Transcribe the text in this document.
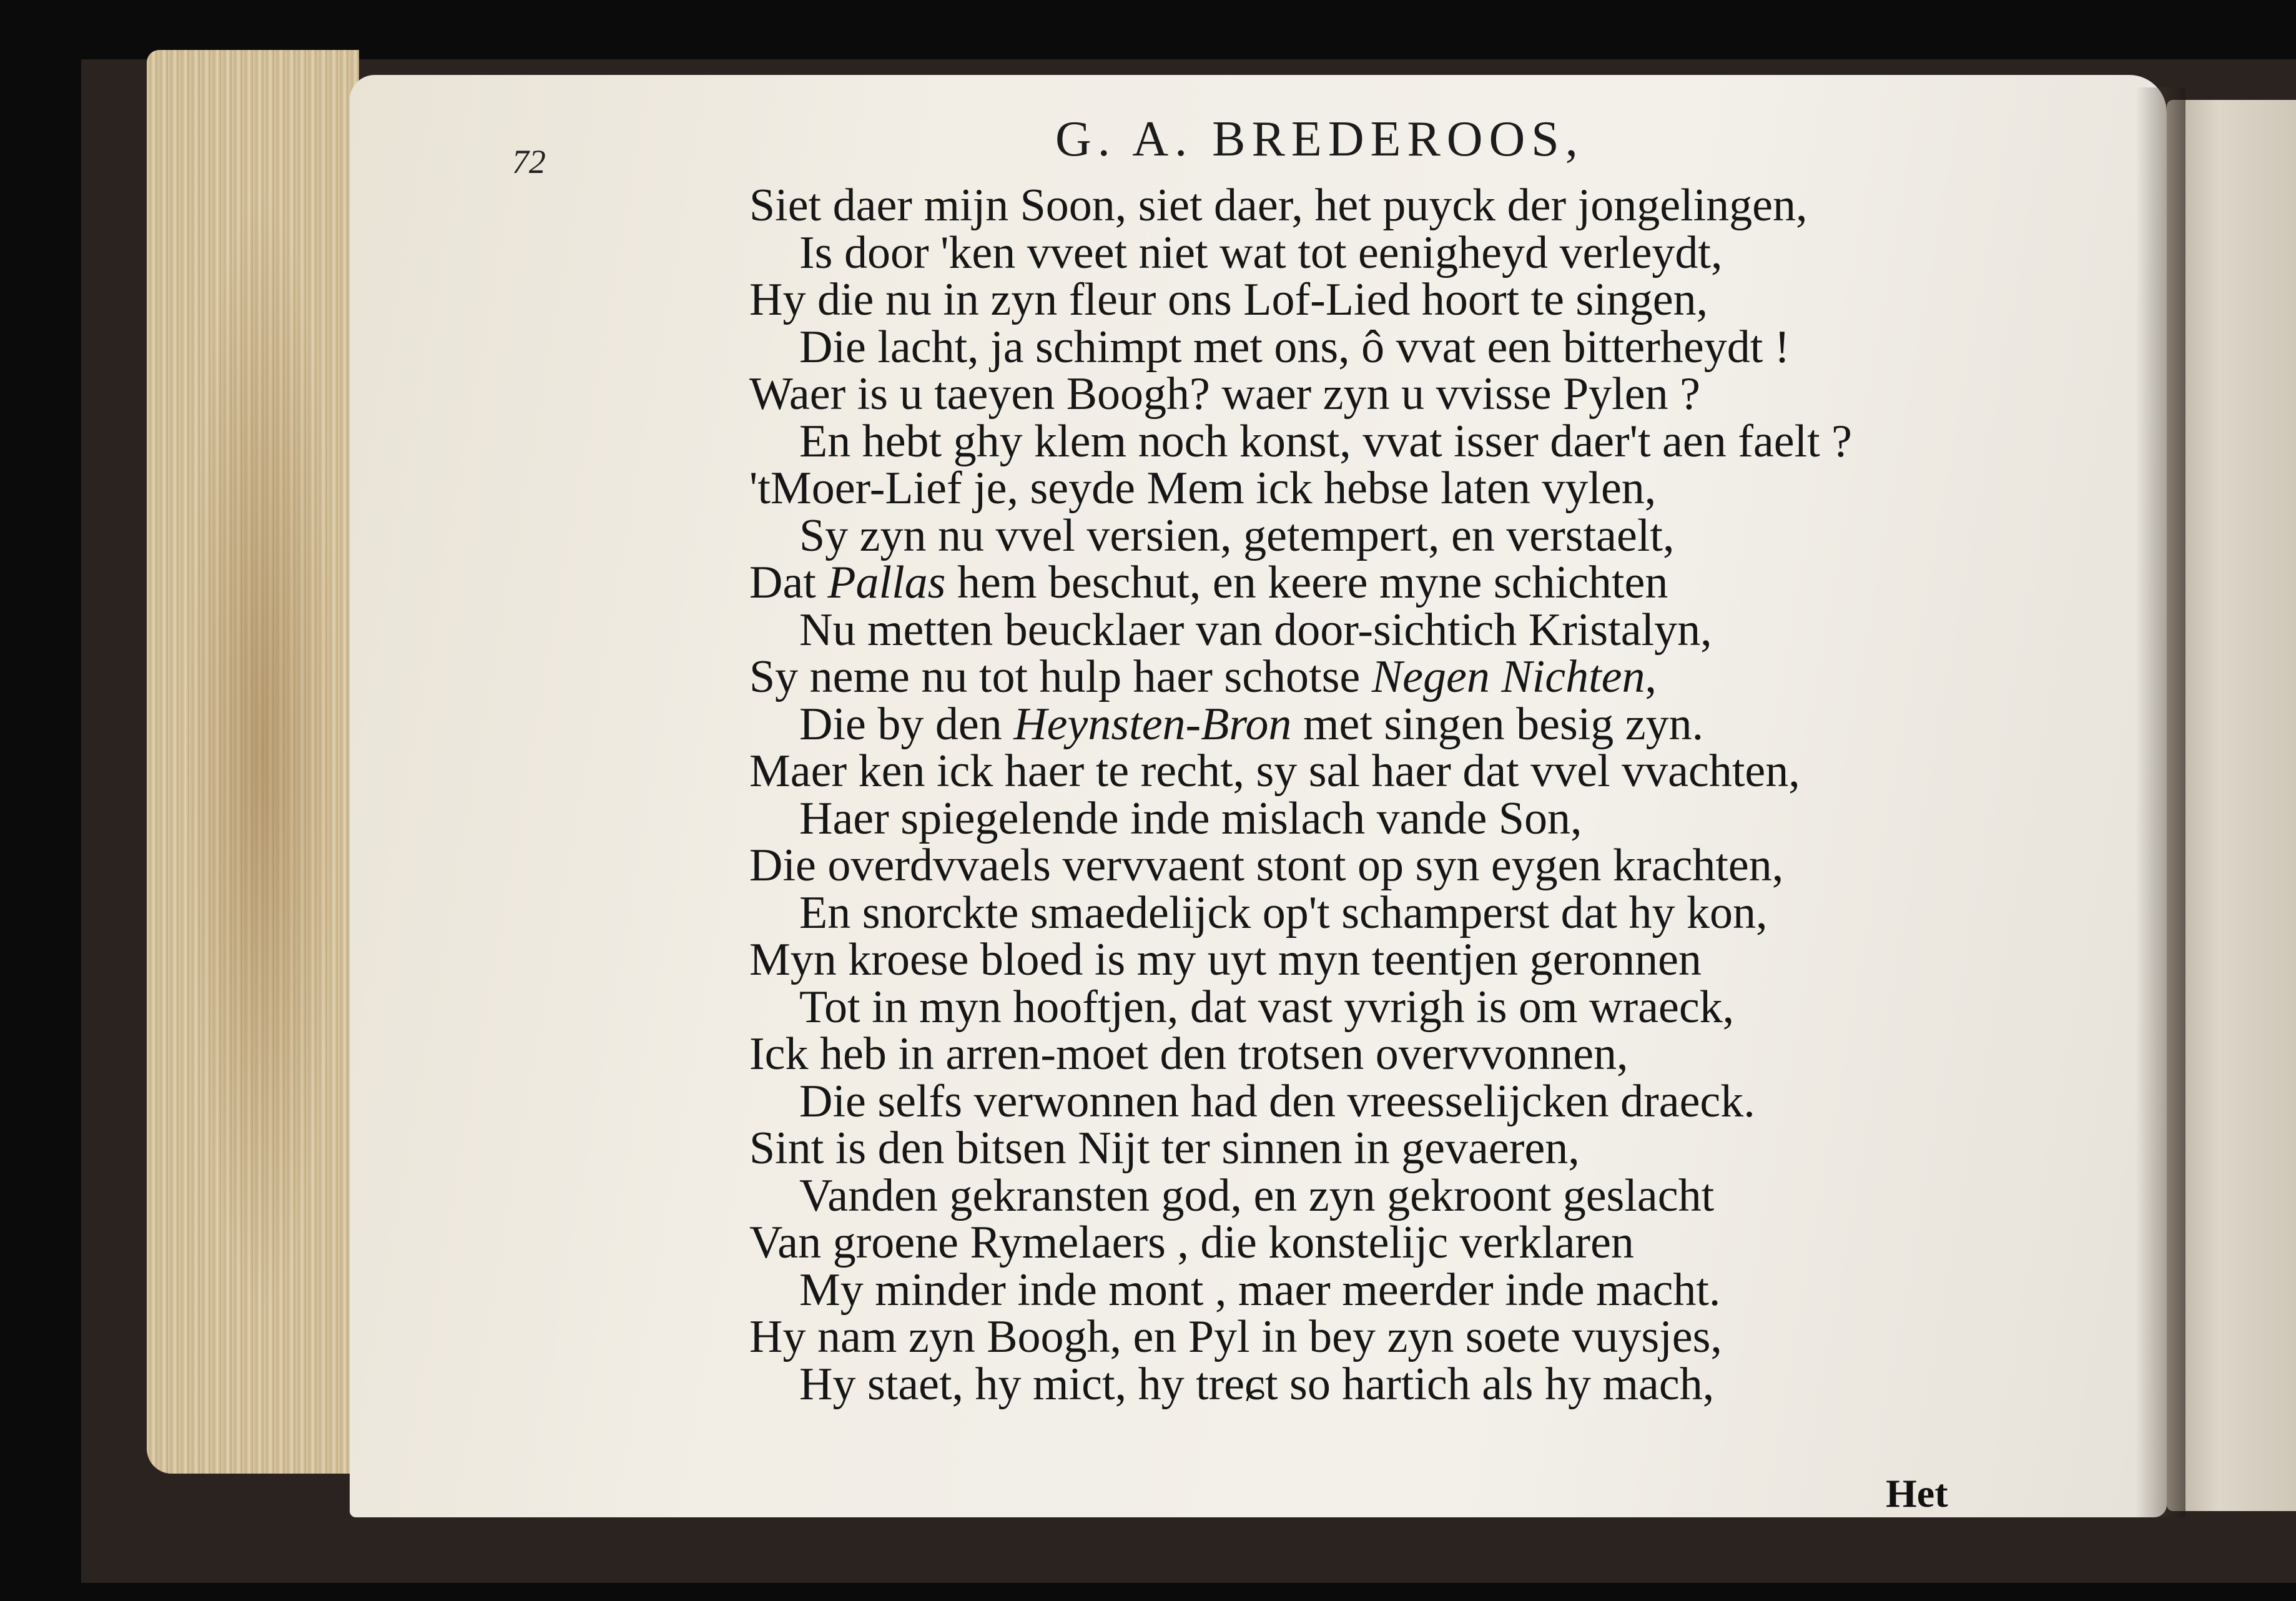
72	G. A. BREDEROOS,
Siet daer mijn Soon, siet daer, het puyck der jongelingen,
Is door 'ken vveet niet wat tot eenigheyd verleydt,
Hy die nu in zyn fleur ons Lof-Lied hoort te singen,
Die lacht, ja schimpt met ons, ô vvat een bitterheydt !
Waer is u taeyen Boogh? waer zyn u vvisse Pylen ?
En hebt ghy klem noch konst, vvat isser daer't aen faelt ?
'tMoer-Lief je, seyde Mem ick hebse laten vylen,
Sy zyn nu vvel versien, getempert, en verstaelt,
Dat Pallas hem beschut, en keere myne schichten
Nu metten beucklaer van door-sichtich Kristalyn,
Sy neme nu tot hulp haer schotse Negen Nichten,
Die by den Heynsten-Bron met singen besig zyn.
Maer ken ick haer te recht, sy sal haer dat vvel vvachten,
Haer spiegelende inde mislach vande Son,
Die overdvvaels vervvaent stont op syn eygen krachten,
En snorckte smaedelijck op't schamperst dat hy kon,
Myn kroese bloed is my uyt myn teentjen geronnen
Tot in myn hooftjen, dat vast yvrigh is om wraeck,
Ick heb in arren-moet den trotsen overvvonnen,
Die selfs verwonnen had den vreesselijcken draeck.
Sint is den bitsen Nijt ter sinnen in gevaeren,
Vanden gekransten god, en zyn gekroont geslacht
Van groene Rymelaers , die konstelijc verklaren
My minder inde mont , maer meerder inde macht.
Hy nam zyn Boogh, en Pyl in bey zyn soete vuysjes,
Hy staet, hy mict, hy treɕt so hartich als hy mach,
Het
